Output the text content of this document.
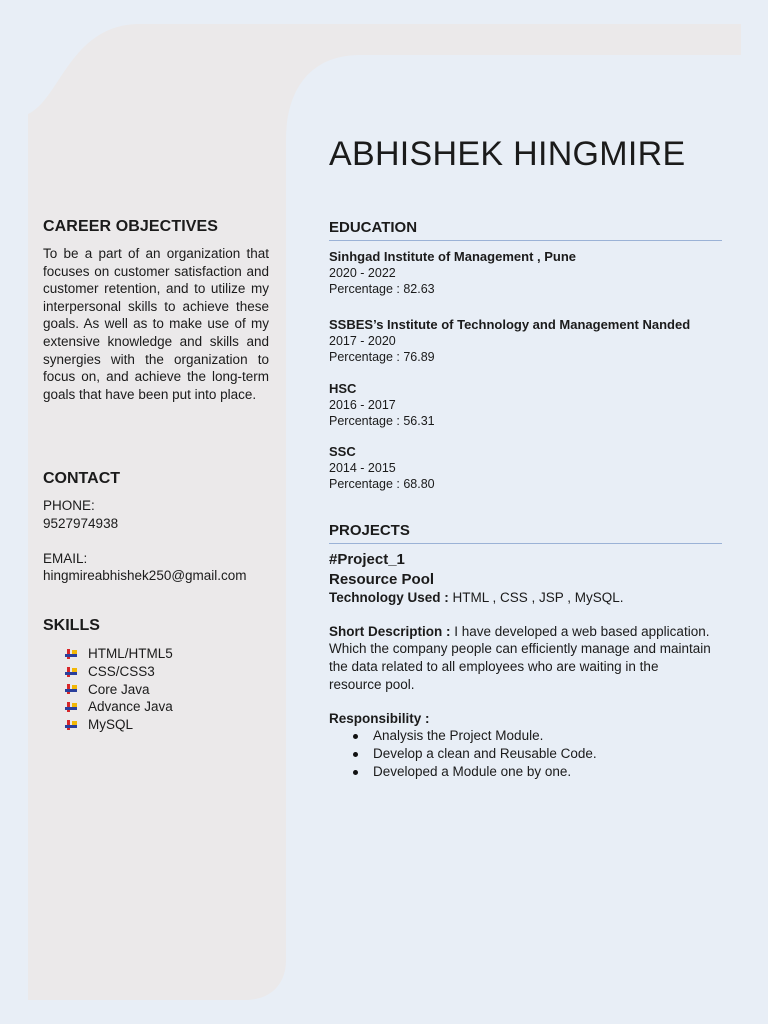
ABHISHEK HINGMIRE
CAREER OBJECTIVES

To be a part of an organization that focuses on customer satisfaction and customer retention, and to utilize my interpersonal skills to achieve these goals. As well as to make use of my extensive knowledge and skills and synergies with the organization to focus on, and achieve the long-term goals that have been put into place.

CONTACT

PHONE:

9527974938

EMAIL:

hingmireabhishek250@gmail.com

SKILLS
HTML/HTML5
CSS/CSS3
Core Java
Advance Java
MySQL
EDUCATION

Sinhgad Institute of Management , Pune

2020 - 2022

Percentage : 82.63

SSBES’s Institute of Technology and Management Nanded

2017 - 2020

Percentage : 76.89

HSC

2016 - 2017

Percentage : 56.31

SSC

2014 - 2015

Percentage : 68.80

PROJECTS

#Project_1

Resource Pool

Technology Used : HTML , CSS , JSP , MySQL.

Short Description : I have developed a web based application. Which the company people can efficiently manage and maintain the data related to all employees who are waiting in the resource pool.

Responsibility :

Analysis the Project Module.
Develop a clean and Reusable Code.
Developed a Module one by one.
